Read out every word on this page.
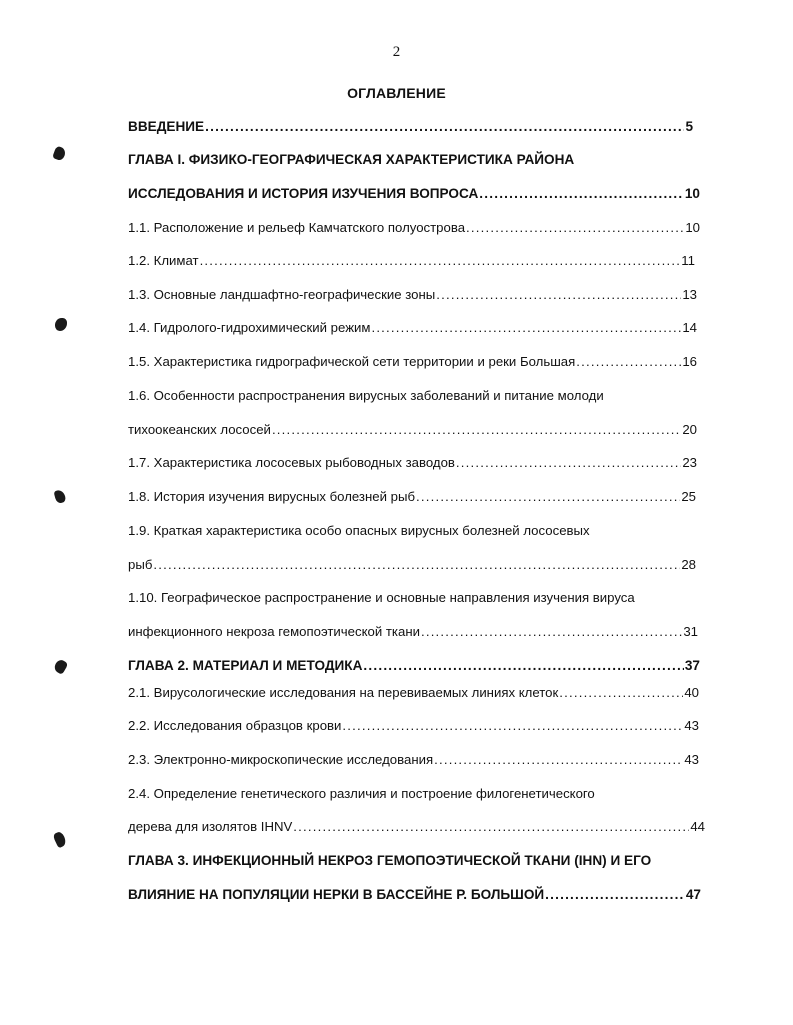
2
ОГЛАВЛЕНИЕ
ВВЕДЕНИЕ .....	5
ГЛАВА I. ФИЗИКО-ГЕОГРАФИЧЕСКАЯ ХАРАКТЕРИСТИКА РАЙОНА
ИССЛЕДОВАНИЯ И ИСТОРИЯ ИЗУЧЕНИЯ ВОПРОСА .....	10
1.1. Расположение и рельеф Камчатского полуострова .....	10
1.2. Климат .....	11
1.3. Основные ландшафтно-географические зоны .....	13
1.4. Гидролого-гидрохимический режим .....	14
1.5. Характеристика гидрографической сети территории и реки Большая .....	16
1.6. Особенности распространения вирусных заболеваний и питание молоди
тихоокеанских лососей .....	20
1.7. Характеристика лососевых рыбоводных заводов .....	23
1.8. История изучения вирусных болезней рыб .....	25
1.9. Краткая характеристика особо опасных вирусных болезней лососевых
рыб .....	28
1.10. Географическое распространение и основные направления изучения вируса
инфекционного некроза гемопоэтической ткани .....	31
ГЛАВА 2. МАТЕРИАЛ И МЕТОДИКА .....	37
2.1. Вирусологические исследования на перевиваемых линиях клеток .....	40
2.2. Исследования образцов крови .....	43
2.3. Электронно-микроскопические исследования .....	43
2.4. Определение генетического различия и построение филогенетического
дерева для изолятов IHNV .....	44
ГЛАВА 3. ИНФЕКЦИОННЫЙ НЕКРОЗ ГЕМОПОЭТИЧЕСКОЙ ТКАНИ (IHN) И ЕГО
ВЛИЯНИЕ НА ПОПУЛЯЦИИ НЕРКИ В БАССЕЙНЕ Р. БОЛЬШОЙ .....	47
